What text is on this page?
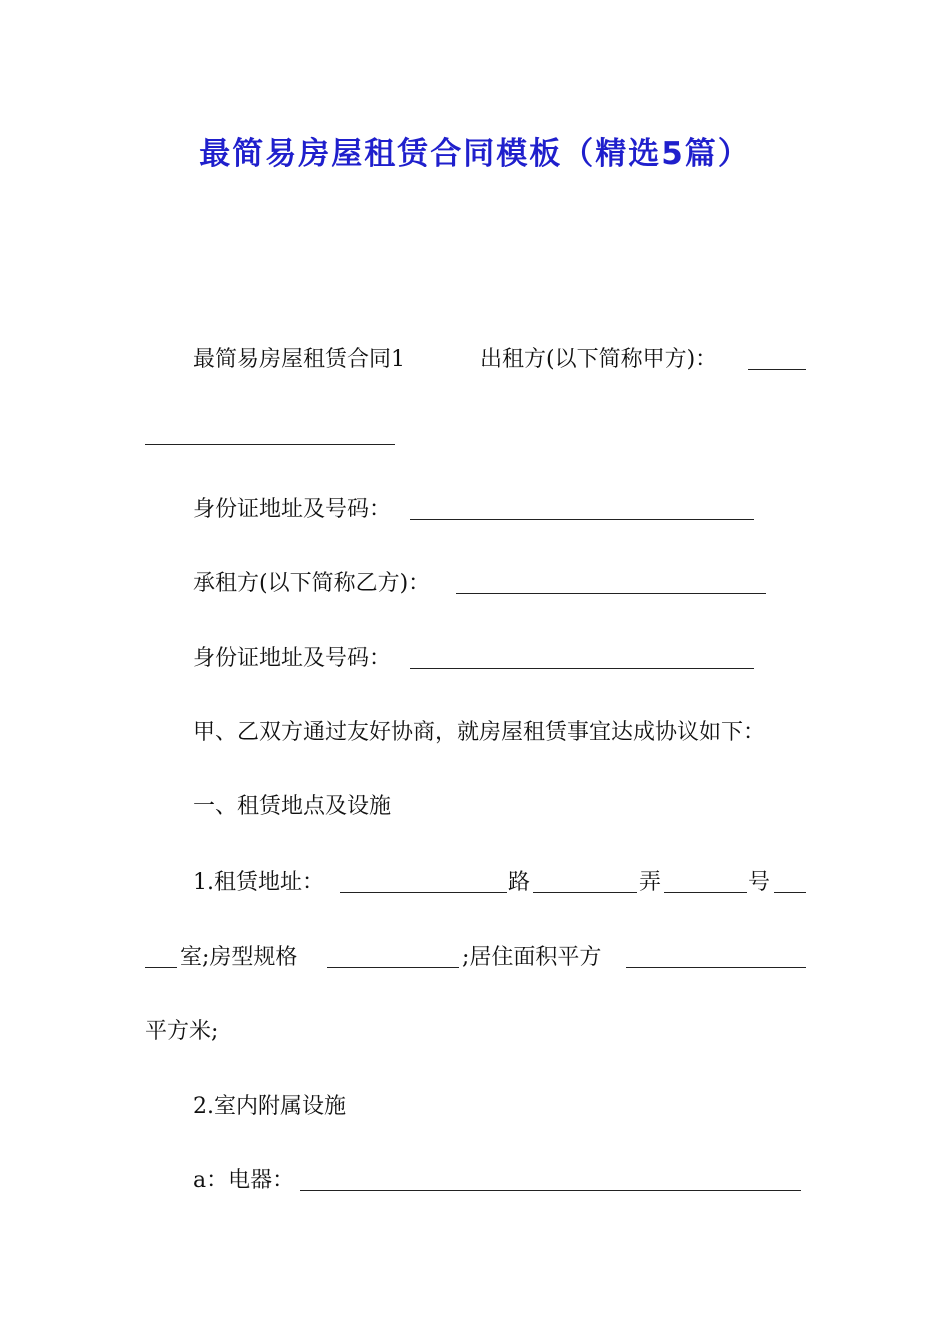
最简易房屋租赁合同模板（精选5篇）
最简易房屋租赁合同1	出租方(以下简称甲方)：
身份证地址及号码：
承租方(以下简称乙方)：
身份证地址及号码：
甲、乙双方通过友好协商，就房屋租赁事宜达成协议如下：
一、租赁地点及设施
1.租赁地址：	路	弄	号
室;房型规格	;居住面积平方
平方米;
2.室内附属设施
a：电器：
